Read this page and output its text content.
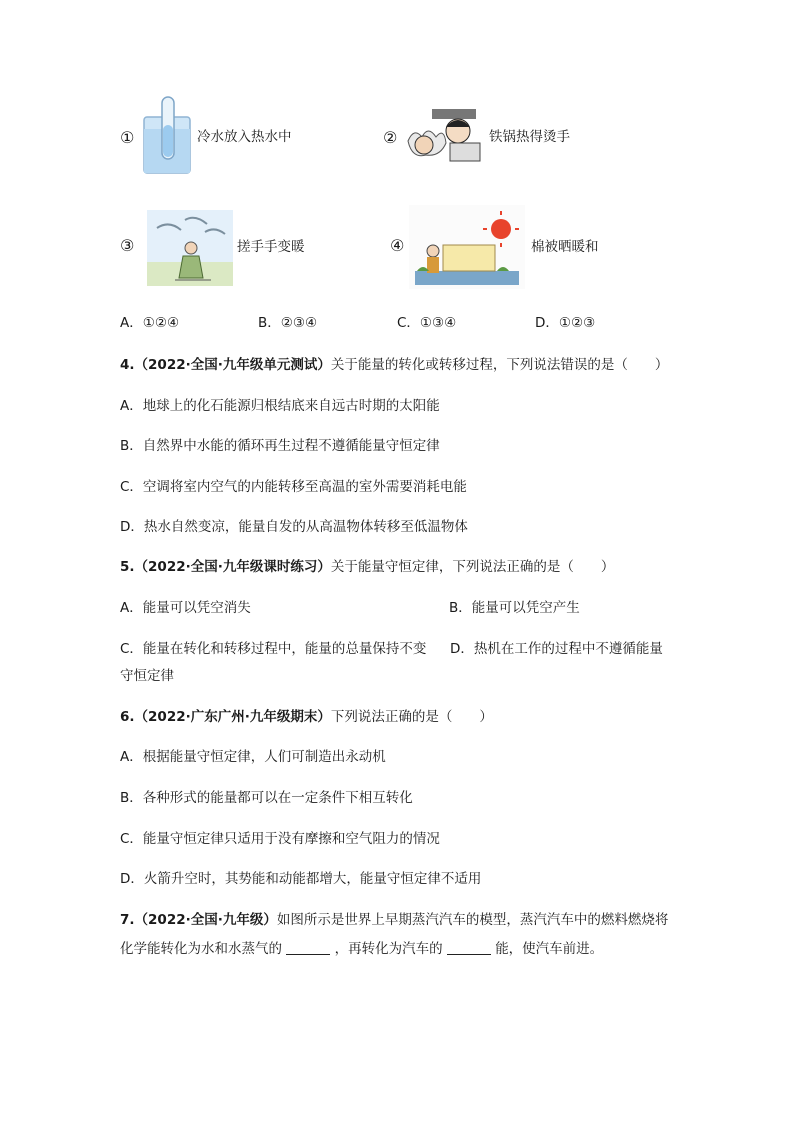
①	冷水放入热水中	②	铁锅热得烫手
③	搓手手变暖	④	棉被晒暖和
A．①②④	B．②③④	C．①③④	D．①②③
4.（2022·全国·九年级单元测试）关于能量的转化或转移过程，下列说法错误的是（　　）
A．地球上的化石能源归根结底来自远古时期的太阳能
B．自然界中水能的循环再生过程不遵循能量守恒定律
C．空调将室内空气的内能转移至高温的室外需要消耗电能
D．热水自然变凉，能量自发的从高温物体转移至低温物体
5.（2022·全国·九年级课时练习）关于能量守恒定律，下列说法正确的是（　　）
A．能量可以凭空消失	B．能量可以凭空产生
C．能量在转化和转移过程中，能量的总量保持不变 D．热机在工作的过程中不遵循能量
守恒定律
6.（2022·广东广州·九年级期末）下列说法正确的是（　　）
A．根据能量守恒定律，人们可制造出永动机
B．各种形式的能量都可以在一定条件下相互转化
C．能量守恒定律只适用于没有摩擦和空气阻力的情况
D．火箭升空时，其势能和动能都增大，能量守恒定律不适用
7.（2022·全国·九年级）如图所示是世界上早期蒸汽汽车的模型，蒸汽汽车中的燃料燃烧将
化学能转化为水和水蒸气的	，再转化为汽车的	能，使汽车前进。
